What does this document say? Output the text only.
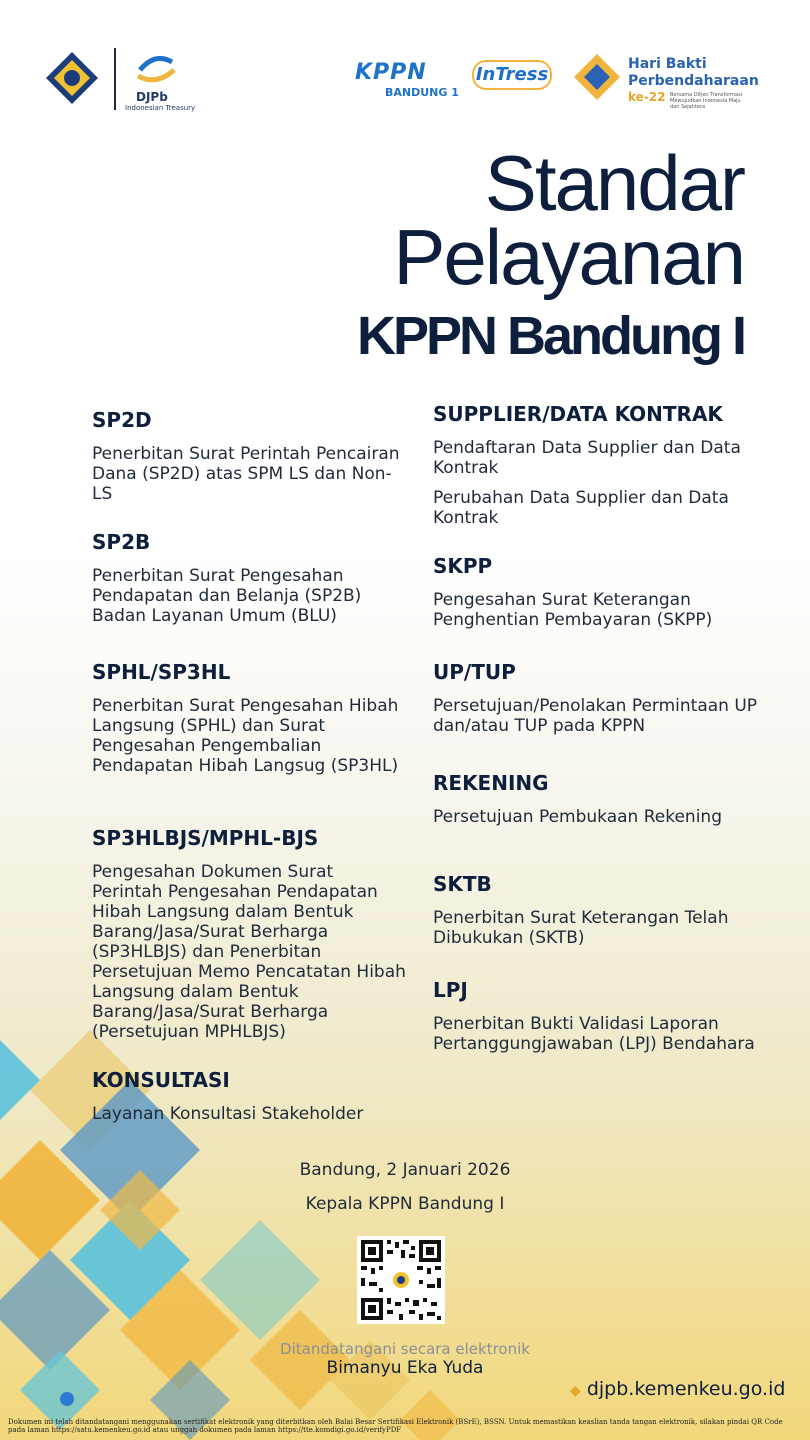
DJPb
Indonesian Treasury
KPPN
BANDUNG 1
InTress	Hari Bakti
Perbendaharaan
ke-22 Bersama Ditjen Transformasi Mewujudkan Indonesia Maju dan Sejahtera
Standar
Pelayanan
KPPN Bandung I
SP2D

Penerbitan Surat Perintah Pencairan Dana (SP2D) atas SPM LS dan Non-LS

SP2B

Penerbitan Surat Pengesahan Pendapatan dan Belanja (SP2B) Badan Layanan Umum (BLU)

SPHL/SP3HL

Penerbitan Surat Pengesahan Hibah Langsung (SPHL) dan Surat Pengesahan Pengembalian Pendapatan Hibah Langsug (SP3HL)

SP3HLBJS/MPHL-BJS

Pengesahan Dokumen Surat Perintah Pengesahan Pendapatan Hibah Langsung dalam Bentuk Barang/Jasa/Surat Berharga (SP3HLBJS) dan Penerbitan Persetujuan Memo Pencatatan Hibah Langsung dalam Bentuk Barang/Jasa/Surat Berharga (Persetujuan MPHLBJS)

KONSULTASI

Layanan Konsultasi Stakeholder

SUPPLIER/DATA KONTRAK

Pendaftaran Data Supplier dan Data Kontrak

Perubahan Data Supplier dan Data Kontrak

SKPP

Pengesahan Surat Keterangan Penghentian Pembayaran (SKPP)

UP/TUP

Persetujuan/Penolakan Permintaan UP dan/atau TUP pada KPPN

REKENING

Persetujuan Pembukaan Rekening

SKTB

Penerbitan Surat Keterangan Telah Dibukukan (SKTB)

LPJ

Penerbitan Bukti Validasi Laporan Pertanggungjawaban (LPJ) Bendahara

Bandung, 2 Januari 2026
Kepala KPPN Bandung I
Ditandatangani secara elektronik
Bimanyu Eka Yuda
◆ djpb.kemenkeu.go.id
Dokumen ini telah ditandatangani menggunakan sertifikat elektronik yang diterbitkan oleh Balai Besar Sertifikasi Elektronik (BSrE), BSSN. Untuk memastikan keaslian tanda tangan elektronik, silakan pindai QR Code pada laman https://satu.kemenkeu.go.id atau unggah dokumen pada laman https://tte.komdigi.go.id/verifyPDF
